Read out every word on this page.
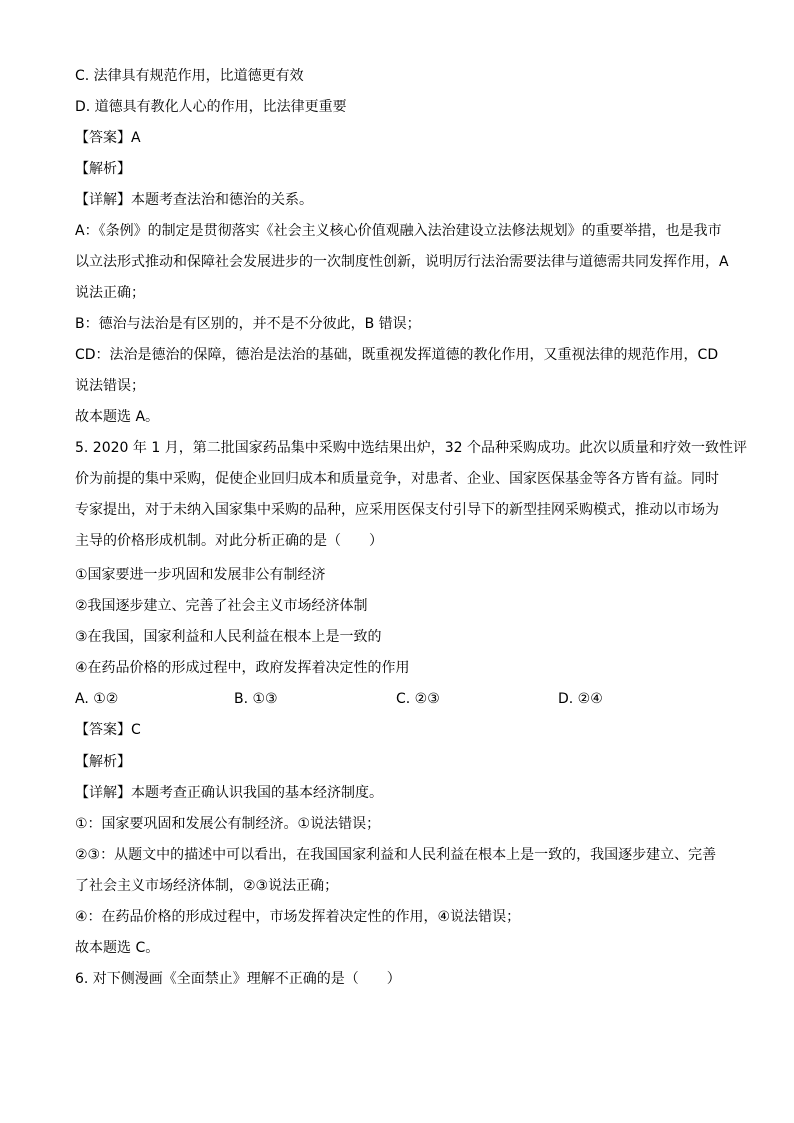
C. 法律具有规范作用，比道德更有效
D. 道德具有教化人心的作用，比法律更重要
【答案】A
【解析】
【详解】本题考查法治和德治的关系。
A：《条例》的制定是贯彻落实《社会主义核心价值观融入法治建设立法修法规划》的重要举措，也是我市
以立法形式推动和保障社会发展进步的一次制度性创新，说明厉行法治需要法律与道德需共同发挥作用，A
说法正确；
B：德治与法治是有区别的，并不是不分彼此，B 错误；
CD：法治是德治的保障，德治是法治的基础，既重视发挥道德的教化作用，又重视法律的规范作用，CD
说法错误；
故本题选 A。
5. 2020 年 1 月，第二批国家药品集中采购中选结果出炉，32 个品种采购成功。此次以质量和疗效一致性评
价为前提的集中采购，促使企业回归成本和质量竞争，对患者、企业、国家医保基金等各方皆有益。同时
专家提出，对于未纳入国家集中采购的品种，应采用医保支付引导下的新型挂网采购模式，推动以市场为
主导的价格形成机制。对此分析正确的是（　　）
①国家要进一步巩固和发展非公有制经济
②我国逐步建立、完善了社会主义市场经济体制
③在我国，国家利益和人民利益在根本上是一致的
④在药品价格的形成过程中，政府发挥着决定性的作用
A. ①②	B. ①③	C. ②③	D. ②④
【答案】C
【解析】
【详解】本题考查正确认识我国的基本经济制度。
①：国家要巩固和发展公有制经济。①说法错误；
②③：从题文中的描述中可以看出，在我国国家利益和人民利益在根本上是一致的，我国逐步建立、完善
了社会主义市场经济体制，②③说法正确；
④：在药品价格的形成过程中，市场发挥着决定性的作用，④说法错误；
故本题选 C。
6. 对下侧漫画《全面禁止》理解不正确的是（　　）
